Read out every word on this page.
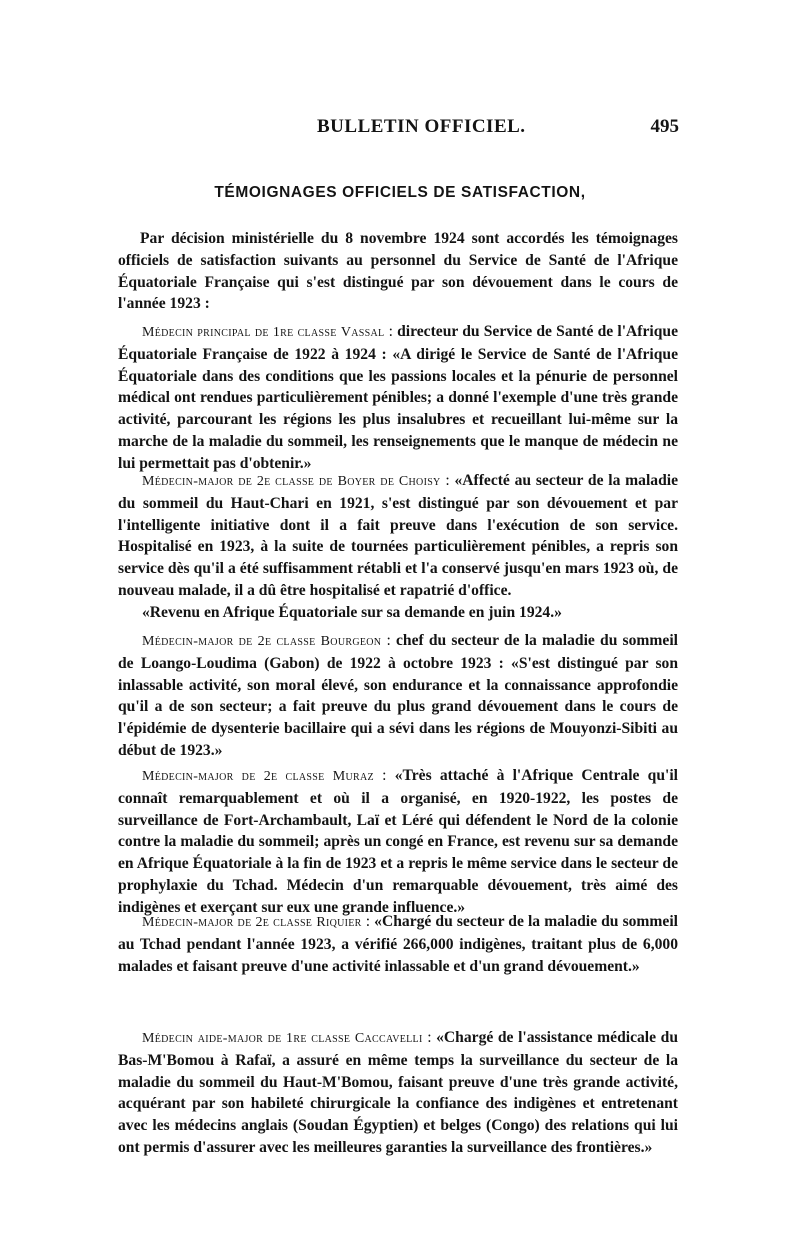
BULLETIN OFFICIEL.	495
TÉMOIGNAGES OFFICIELS DE SATISFACTION,

Par décision ministérielle du 8 novembre 1924 sont accordés les témoignages officiels de satisfaction suivants au personnel du Service de Santé de l'Afrique Équatoriale Française qui s'est distingué par son dévouement dans le cours de l'année 1923 :

Médecin principal de 1re classe Vassal : directeur du Service de Santé de l'Afrique Équatoriale Française de 1922 à 1924 : «A dirigé le Service de Santé de l'Afrique Équatoriale dans des conditions que les passions locales et la pénurie de personnel médical ont rendues particulièrement pénibles; a donné l'exemple d'une très grande activité, parcourant les régions les plus insalubres et recueillant lui-même sur la marche de la maladie du sommeil, les renseignements que le manque de médecin ne lui permettait pas d'obtenir.»

Médecin-major de 2e classe de Boyer de Choisy : «Affecté au secteur de la maladie du sommeil du Haut-Chari en 1921, s'est distingué par son dévouement et par l'intelligente initiative dont il a fait preuve dans l'exécution de son service. Hospitalisé en 1923, à la suite de tournées particulièrement pénibles, a repris son service dès qu'il a été suffisamment rétabli et l'a conservé jusqu'en mars 1923 où, de nouveau malade, il a dû être hospitalisé et rapatrié d'office.
«Revenu en Afrique Équatoriale sur sa demande en juin 1924.»

Médecin-major de 2e classe Bourgeon : chef du secteur de la maladie du sommeil de Loango-Loudima (Gabon) de 1922 à octobre 1923 : «S'est distingué par son inlassable activité, son moral élevé, son endurance et la connaissance approfondie qu'il a de son secteur; a fait preuve du plus grand dévouement dans le cours de l'épidémie de dysenterie bacillaire qui a sévi dans les régions de Mouyonzi-Sibiti au début de 1923.»

Médecin-major de 2e classe Muraz : «Très attaché à l'Afrique Centrale qu'il connaît remarquablement et où il a organisé, en 1920-1922, les postes de surveillance de Fort-Archambault, Laï et Léré qui défendent le Nord de la colonie contre la maladie du sommeil; après un congé en France, est revenu sur sa demande en Afrique Équatoriale à la fin de 1923 et a repris le même service dans le secteur de prophylaxie du Tchad. Médecin d'un remarquable dévouement, très aimé des indigènes et exerçant sur eux une grande influence.»

Médecin-major de 2e classe Riquier : «Chargé du secteur de la maladie du sommeil au Tchad pendant l'année 1923, a vérifié 266,000 indigènes, traitant plus de 6,000 malades et faisant preuve d'une activité inlassable et d'un grand dévouement.»

Médecin aide-major de 1re classe Caccavelli : «Chargé de l'assistance médicale du Bas-M'Bomou à Rafaï, a assuré en même temps la surveillance du secteur de la maladie du sommeil du Haut-M'Bomou, faisant preuve d'une très grande activité, acquérant par son habileté chirurgicale la confiance des indigènes et entretenant avec les médecins anglais (Soudan Égyptien) et belges (Congo) des relations qui lui ont permis d'assurer avec les meilleures garanties la surveillance des frontières.»
